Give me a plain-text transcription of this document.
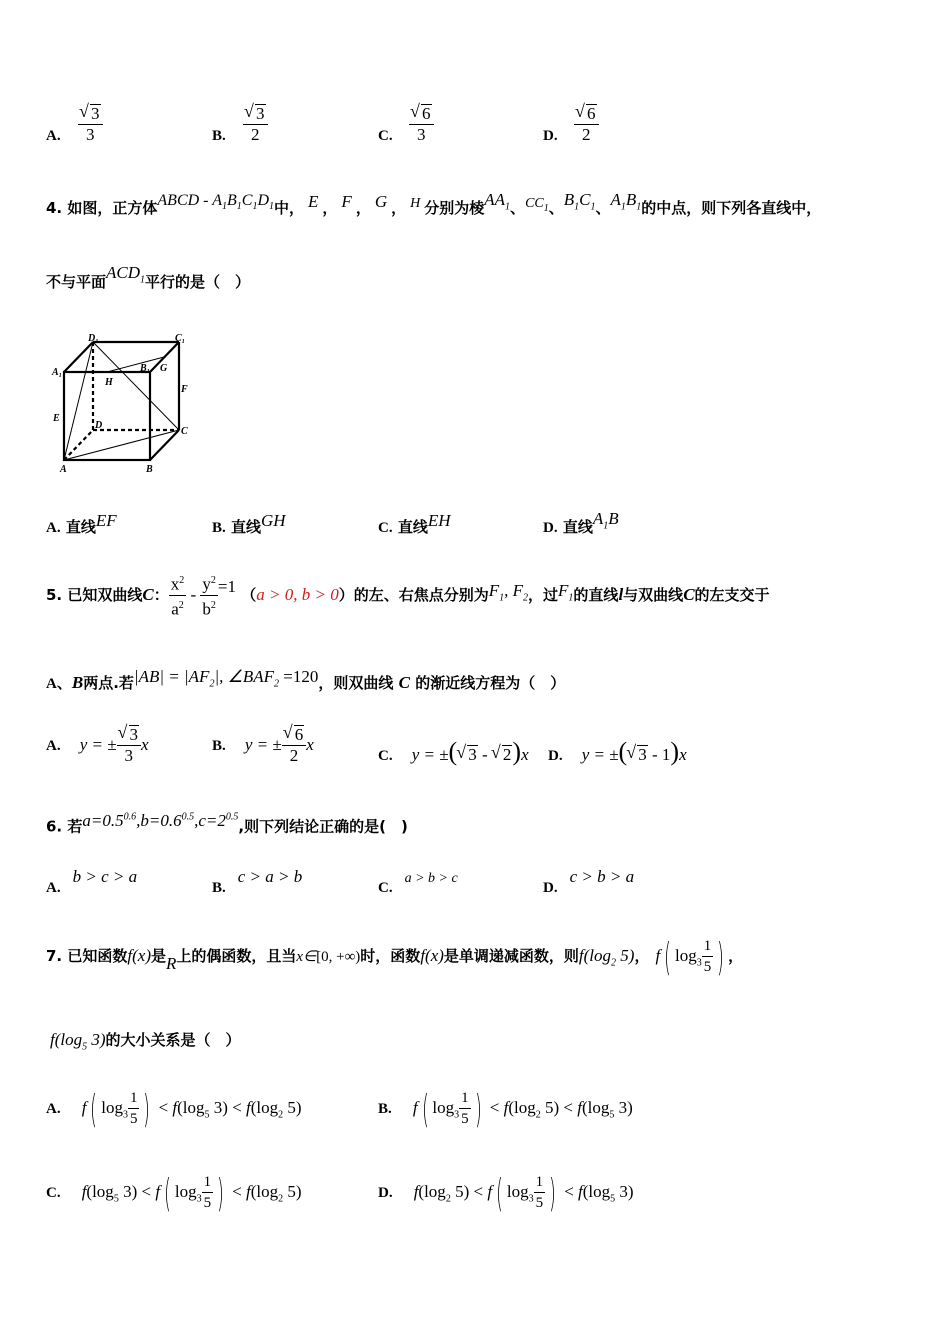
A. √ $\frac{3}{3}$	B. √ $\frac{3}{2}$	C. √ $\frac{6}{3}$	D. √ $\frac{6}{2}$
4. 如图，正方体ABCD - $A_1B_1C_1D_1$中， E ， F ， G ， H 分别为棱$AA_1$、$CC_1$、$B_1C_1$、$A_1B_1$的中点，则下列各直线中，
不与平面$ACD_1$平行的是（　）
D₁	C₁
A₁	B₁ G
H
F
E
D
C
A	B
A. 直线EF	B. 直线GH	C. 直线EH	D. 直线$A_1B$
5. 已知双曲线C： $\frac{x^2}{a^2} - \frac{y^2}{b^2} =1$ （a > 0, b > 0）的左、右焦点分别为$F_1$, $F_2$，过$F_1$的直线l与双曲线C的左支交于
A、B两点.若$|AB| = |AF_2|$, $\angle BAF_2 =120$，则双曲线 C 的渐近线方程为（　）
A. y = ± √ $\frac{3}{3}$ x	B. y = ± √ $\frac{6}{2}$ x
C. y = ±( √ 3 - √ 2)x D. y = ±( √ 3 - 1)x
6. 若$a=0.5^{0.6},b=0.6^{0.5},c=2^{0.5}$,则下列结论正确的是(　)
A.b > c > a
B.c > a > b
C.a > b > c
D.c > b > a
7. 已知函数f(x)是R上的偶函数，且当x∈[0, +∞)时，函数f(x)是单调递减函数，则$f(\log_2$ 5)， f ( $\log_3 \frac{1}{5}$ ) ，
$f(\log_5$ 3)的大小关系是（　）
A. f ( $\log_3 \frac{1}{5}$ ) < $f(\log_5$ $3) < f(\log_2$ 5)	B. f ( $\log_3 \frac{1}{5}$ ) < $f(\log_2$ $5) < f(\log_5$ 3)
C. $f(\log_5$ 3) < f ( $\log_3 \frac{1}{5}$ ) < $f(\log_2$ 5)	D. $f(\log_2$ 5) < f ( $\log_3 \frac{1}{5}$ ) < $f(\log_5$ 3)
